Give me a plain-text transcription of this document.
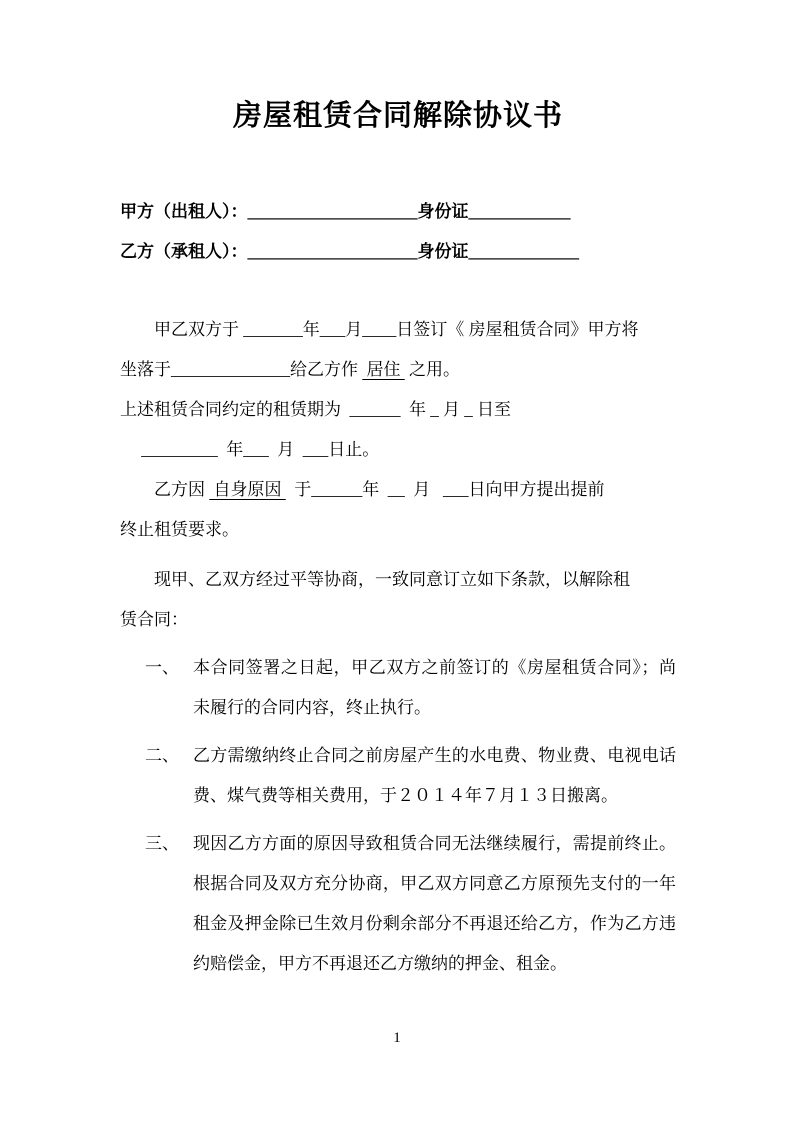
房屋租赁合同解除协议书

甲方（出租人）：____________________身份证____________

乙方（承租人）：____________________身份证_____________

甲乙双方于 _______年___月____日签订《 房屋租赁合同》甲方将
坐落于______________给乙方作  居住  之用。

上述租赁合同约定的租赁期为  ______  年 _ 月 _ 日至
　 _________  年___  月  ___日止。

乙方因  自身原因   于______年  __  月   ___日向甲方提出提前
终止租赁要求。

现甲、乙双方经过平等协商，一致同意订立如下条款，以解除租
赁合同：

一、 本合同签署之日起，甲乙双方之前签订的《房屋租赁合同》；尚未履行的合同内容，终止执行。
二、 乙方需缴纳终止合同之前房屋产生的水电费、物业费、电视电话费、煤气费等相关费用，于２０１４年７月１３日搬离。
三、 现因乙方方面的原因导致租赁合同无法继续履行，需提前终止。根据合同及双方充分协商，甲乙双方同意乙方原预先支付的一年租金及押金除已生效月份剩余部分不再退还给乙方，作为乙方违约赔偿金，甲方不再退还乙方缴纳的押金、租金。
1
